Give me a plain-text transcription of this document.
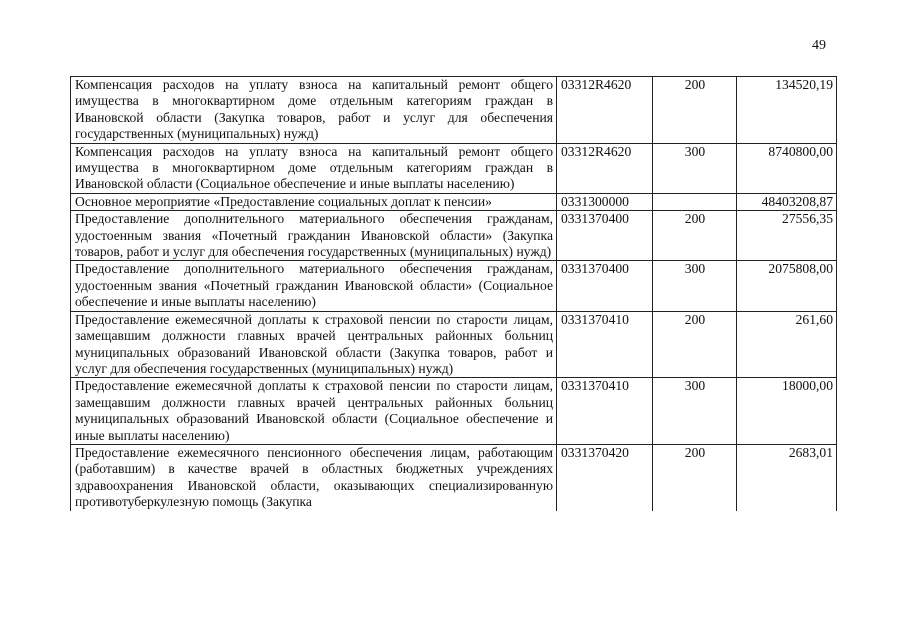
49
Компенсация расходов на уплату взноса на капитальный ремонт общего имущества в многоквартирном доме отдельным категориям граждан в Ивановской области (Закупка товаров, работ и услуг для обеспечения государственных (муниципальных) нужд)	03312R4620	200	134520,19
Компенсация расходов на уплату взноса на капитальный ремонт общего имущества в многоквартирном доме отдельным категориям граждан в Ивановской области (Социальное обеспечение и иные выплаты населению)	03312R4620	300	8740800,00
Основное мероприятие «Предоставление социальных доплат к пенсии»	0331300000		48403208,87
Предоставление дополнительного материального обеспечения гражданам, удостоенным звания «Почетный гражданин Ивановской области» (Закупка товаров, работ и услуг для обеспечения государственных (муниципальных) нужд)	0331370400	200	27556,35
Предоставление дополнительного материального обеспечения гражданам, удостоенным звания «Почетный гражданин Ивановской области» (Социальное обеспечение и иные выплаты населению)	0331370400	300	2075808,00
Предоставление ежемесячной доплаты к страховой пенсии по старости лицам, замещавшим должности главных врачей центральных районных больниц муниципальных образований Ивановской области (Закупка товаров, работ и услуг для обеспечения государственных (муниципальных) нужд)	0331370410	200	261,60
Предоставление ежемесячной доплаты к страховой пенсии по старости лицам, замещавшим должности главных врачей центральных районных больниц муниципальных образований Ивановской области (Социальное обеспечение и иные выплаты населению)	0331370410	300	18000,00
Предоставление ежемесячного пенсионного обеспечения лицам, работающим (работавшим) в качестве врачей в областных бюджетных учреждениях здравоохранения Ивановской области, оказывающих специализированную противотуберкулезную помощь (Закупка	0331370420	200	2683,01
